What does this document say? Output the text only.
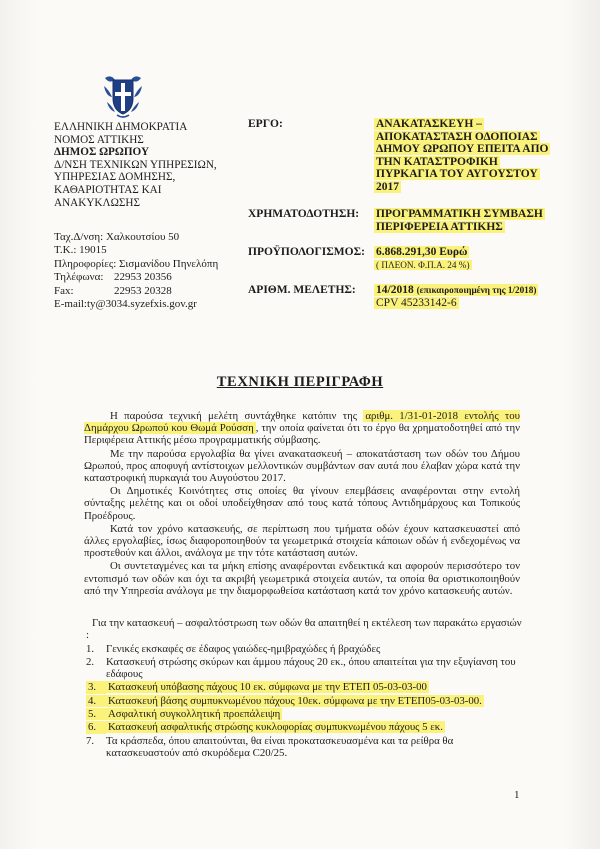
ΕΛΛΗΝΙΚΗ ΔΗΜΟΚΡΑΤΙΑ
ΝΟΜΟΣ ΑΤΤΙΚΗΣ
ΔΗΜΟΣ ΩΡΩΠΟΥ
Δ/ΝΣΗ ΤΕΧΝΙΚΩΝ ΥΠΗΡΕΣΙΩΝ,
ΥΠΗΡΕΣΙΑΣ ΔΟΜΗΣΗΣ,
ΚΑΘΑΡΙΟΤΗΤΑΣ ΚΑΙ
ΑΝΑΚΥΚΛΩΣΗΣ
Ταχ.Δ/νση: Χαλκουτσίου 50
Τ.Κ.: 19015
Πληροφορίες: Σισμανίδου Πηνελόπη
Τηλέφωνα: 22953 20356
Fax:	22953 20328
E-mail:ty@3034.syzefxis.gov.gr
ΕΡΓΟ:	ΑΝΑΚΑΤΑΣΚΕΥΗ –
ΑΠΟΚΑΤΑΣΤΑΣΗ ΟΔΟΠΟΙΑΣ
ΔΗΜΟΥ ΩΡΩΠΟΥ ΕΠΕΙΤΑ ΑΠΟ
ΤΗΝ ΚΑΤΑΣΤΡΟΦΙΚΗ
ΠΥΡΚΑΓΙΑ ΤΟΥ ΑΥΓΟΥΣΤΟΥ
2017
ΧΡΗΜΑΤΟΔΟΤΗΣΗ: ΠΡΟΓΡΑΜΜΑΤΙΚΗ ΣΥΜΒΑΣΗ
ΠΕΡΙΦΕΡΕΙΑ ΑΤΤΙΚΗΣ
ΠΡΟΫΠΟΛΟΓΙΣΜΟΣ: 6.868.291,30 Ευρώ
( ΠΛΕΟΝ. Φ.Π.Α. 24 %)
ΑΡΙΘΜ. ΜΕΛΕΤΗΣ: 14/2018 (επικαιροποιημένη της 1/2018)
CPV 45233142-6
ΤΕΧΝΙΚΗ ΠΕΡΙΓΡΑΦΗ

Η παρούσα τεχνική μελέτη συντάχθηκε κατόπιν της αριθμ. 1/31-01-2018 εντολής του Δημάρχου Ωρωπού κου Θωμά Ρούσση , την οποία φαίνεται ότι το έργο θα χρηματοδοτηθεί από την Περιφέρεια Αττικής μέσω προγραμματικής σύμβασης.

Με την παρούσα εργολαβία θα γίνει ανακατασκευή – αποκατάσταση των οδών του Δήμου Ωρωπού, προς αποφυγή αντίστοιχων μελλοντικών συμβάντων σαν αυτά που έλαβαν χώρα κατά την καταστροφική πυρκαγιά του Αυγούστου 2017.

Οι Δημοτικές Κοινότητες στις οποίες θα γίνουν επεμβάσεις αναφέρονται στην εντολή σύνταξης μελέτης και οι οδοί υποδείχθησαν από τους κατά τόπους Αντιδημάρχους και Τοπικούς Προέδρους.

Κατά τον χρόνο κατασκευής, σε περίπτωση που τμήματα οδών έχουν κατασκευαστεί από άλλες εργολαβίες, ίσως διαφοροποιηθούν τα γεωμετρικά στοιχεία κάποιων οδών ή ενδεχομένως να προστεθούν και άλλοι, ανάλογα με την τότε κατάσταση αυτών.

Οι συντεταγμένες και τα μήκη επίσης αναφέρονται ενδεικτικά και αφορούν περισσότερο τον εντοπισμό των οδών και όχι τα ακριβή γεωμετρικά στοιχεία αυτών, τα οποία θα οριστικοποιηθούν από την Υπηρεσία ανάλογα με την διαμορφωθείσα κατάσταση κατά τον χρόνο κατασκευής αυτών.

Για την κατασκευή – ασφαλτόστρωση των οδών θα απαιτηθεί η εκτέλεση των παρακάτω εργασιών :
1.	Γενικές εκσκαφές σε έδαφος γαιώδες-ημιβραχώδες ή βραχώδες
2.	Κατασκευή στρώσης σκύρων και άμμου πάχους 20 εκ., όπου απαιτείται για την εξυγίανση του εδάφους
3.	Κατασκευή υπόβασης πάχους 10 εκ. σύμφωνα με την ΕΤΕΠ 05-03-03-00
4.	Κατασκευή βάσης συμπυκνωμένου πάχους 10εκ. σύμφωνα με την ΕΤΕΠ05-03-03-00.
5.	Ασφαλτική συγκολλητική προεπάλειψη
6.	Κατασκευή ασφαλτικής στρώσης κυκλοφορίας συμπυκνωμένου πάχους 5 εκ.
7.	Τα κράσπεδα, όπου απαιτούνται, θα είναι προκατασκευασμένα και τα ρείθρα θα κατασκευαστούν από σκυρόδεμα C20/25.
1
